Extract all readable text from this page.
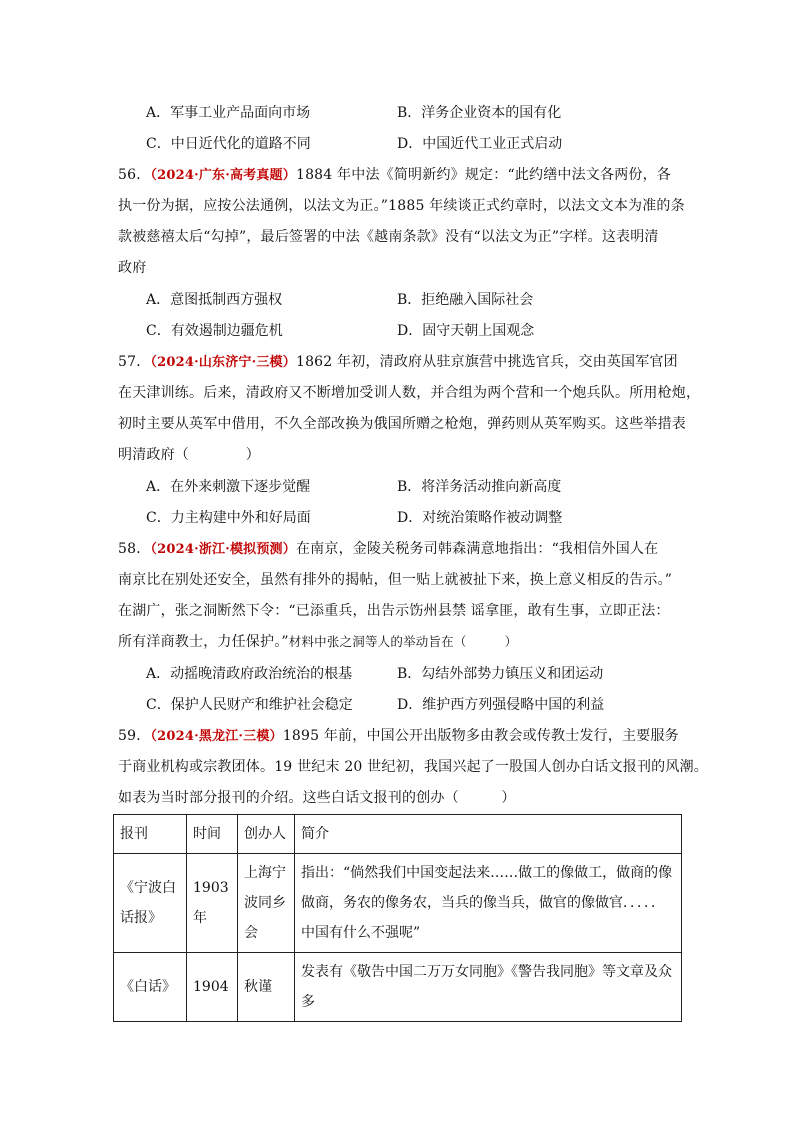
A．军事工业产品面向市场	B．洋务企业资本的国有化
C．中日近代化的道路不同	D．中国近代工业正式启动
56．（2024·广东·高考真题）1884 年中法《简明新约》规定：“此约缮中法文各两份，各
执一份为据，应按公法通例，以法文为正。”1885 年续谈正式约章时，以法文文本为准的条
款被慈禧太后“勾掉”，最后签署的中法《越南条款》没有“以法文为正”字样。这表明清
政府
A．意图抵制西方强权	B．拒绝融入国际社会
C．有效遏制边疆危机	D．固守天朝上国观念
57．（2024·山东济宁·三模）1862 年初，清政府从驻京旗营中挑选官兵，交由英国军官团
在天津训练。后来，清政府又不断增加受训人数，并合组为两个营和一个炮兵队。所用枪炮，
初时主要从英军中借用，不久全部改换为俄国所赠之枪炮，弹药则从英军购买。这些举措表
明清政府（　　　　）
A．在外来刺激下逐步觉醒	B．将洋务活动推向新高度
C．力主构建中外和好局面	D．对统治策略作被动调整
58．（2024·浙江·模拟预测）在南京，金陵关税务司韩森满意地指出：“我相信外国人在
南京比在别处还安全，虽然有排外的揭帖，但一贴上就被扯下来，换上意义相反的告示。”
在湖广，张之洞断然下令：“已添重兵，出告示饬州县禁 谣拿匪，敢有生事，立即正法：
所有洋商教士，力任保护。”材料中张之洞等人的举动旨在（　　　）
A．动摇晚清政府政治统治的根基	B．勾结外部势力镇压义和团运动
C．保护人民财产和维护社会稳定	D．维护西方列强侵略中国的利益
59．（2024·黑龙江·三模）1895 年前，中国公开出版物多由教会或传教士发行，主要服务
于商业机构或宗教团体。19 世纪末 20 世纪初，我国兴起了一股国人创办白话文报刊的风潮。
如表为当时部分报刊的介绍。这些白话文报刊的创办（　　　）
报刊	时间	创办人	简介
《宁波白话报》	1903年	上海宁波同乡会	指出：“倘然我们中国变起法来……做工的像做工，做商的像做商，务农的像务农，当兵的像当兵，做官的像做官．．．．．中国有什么不强呢”
《白话》	1904	秋谨	发表有《敬告中国二万万女同胞》《警告我同胞》等文章及众多
